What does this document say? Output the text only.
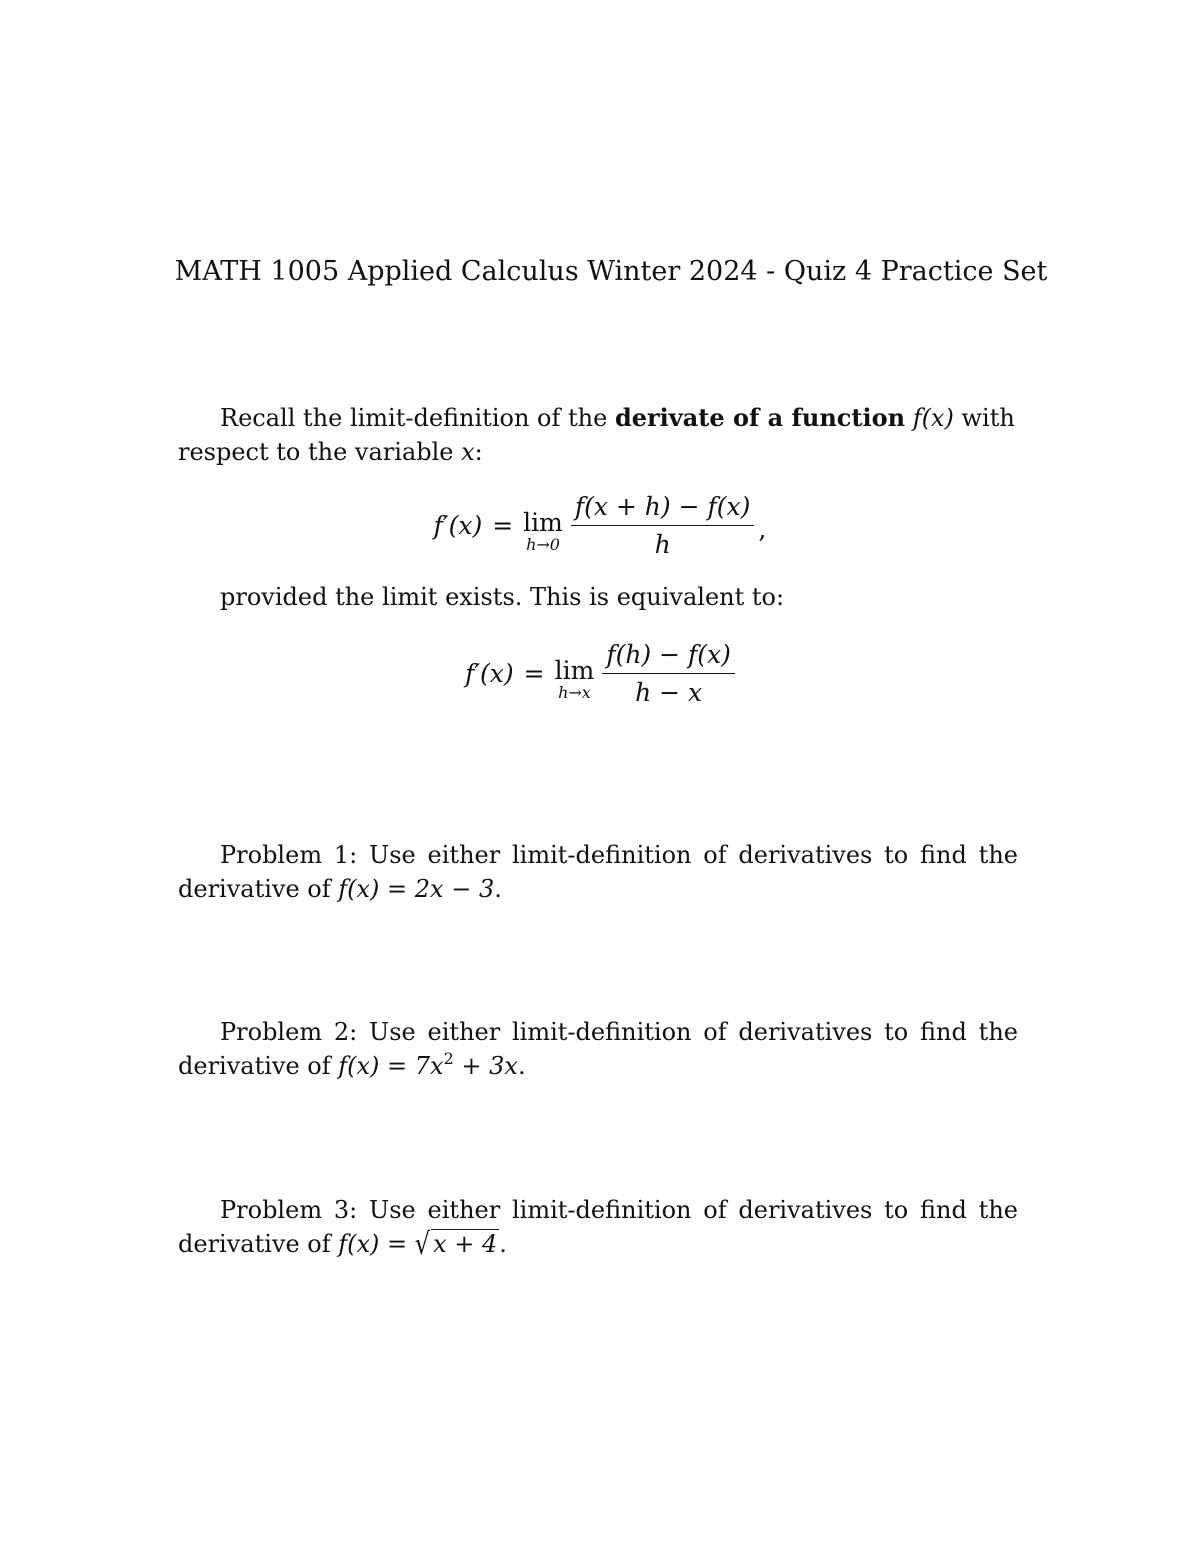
MATH 1005 Applied Calculus Winter 2024 - Quiz 4 Practice Set
Recall the limit-definition of the derivate of a function f(x) with
respect to the variable x:
f′(x) = lim
$h\to 0 \frac{f(x + h) - f(x)}{h}$ ,
provided the limit exists. This is equivalent to:
f′(x) = lim
$h\to x \frac{f(h) - f(x)}{h - x}$
Problem 1: Use either limit-definition of derivatives to find the
derivative of f(x) = 2x − 3.
Problem 2: Use either limit-definition of derivatives to find the
derivative of $f(x) = 7x^2 + 3x$.
Problem 3: Use either limit-definition of derivatives to find the
derivative of f(x) = √ x + 4.
